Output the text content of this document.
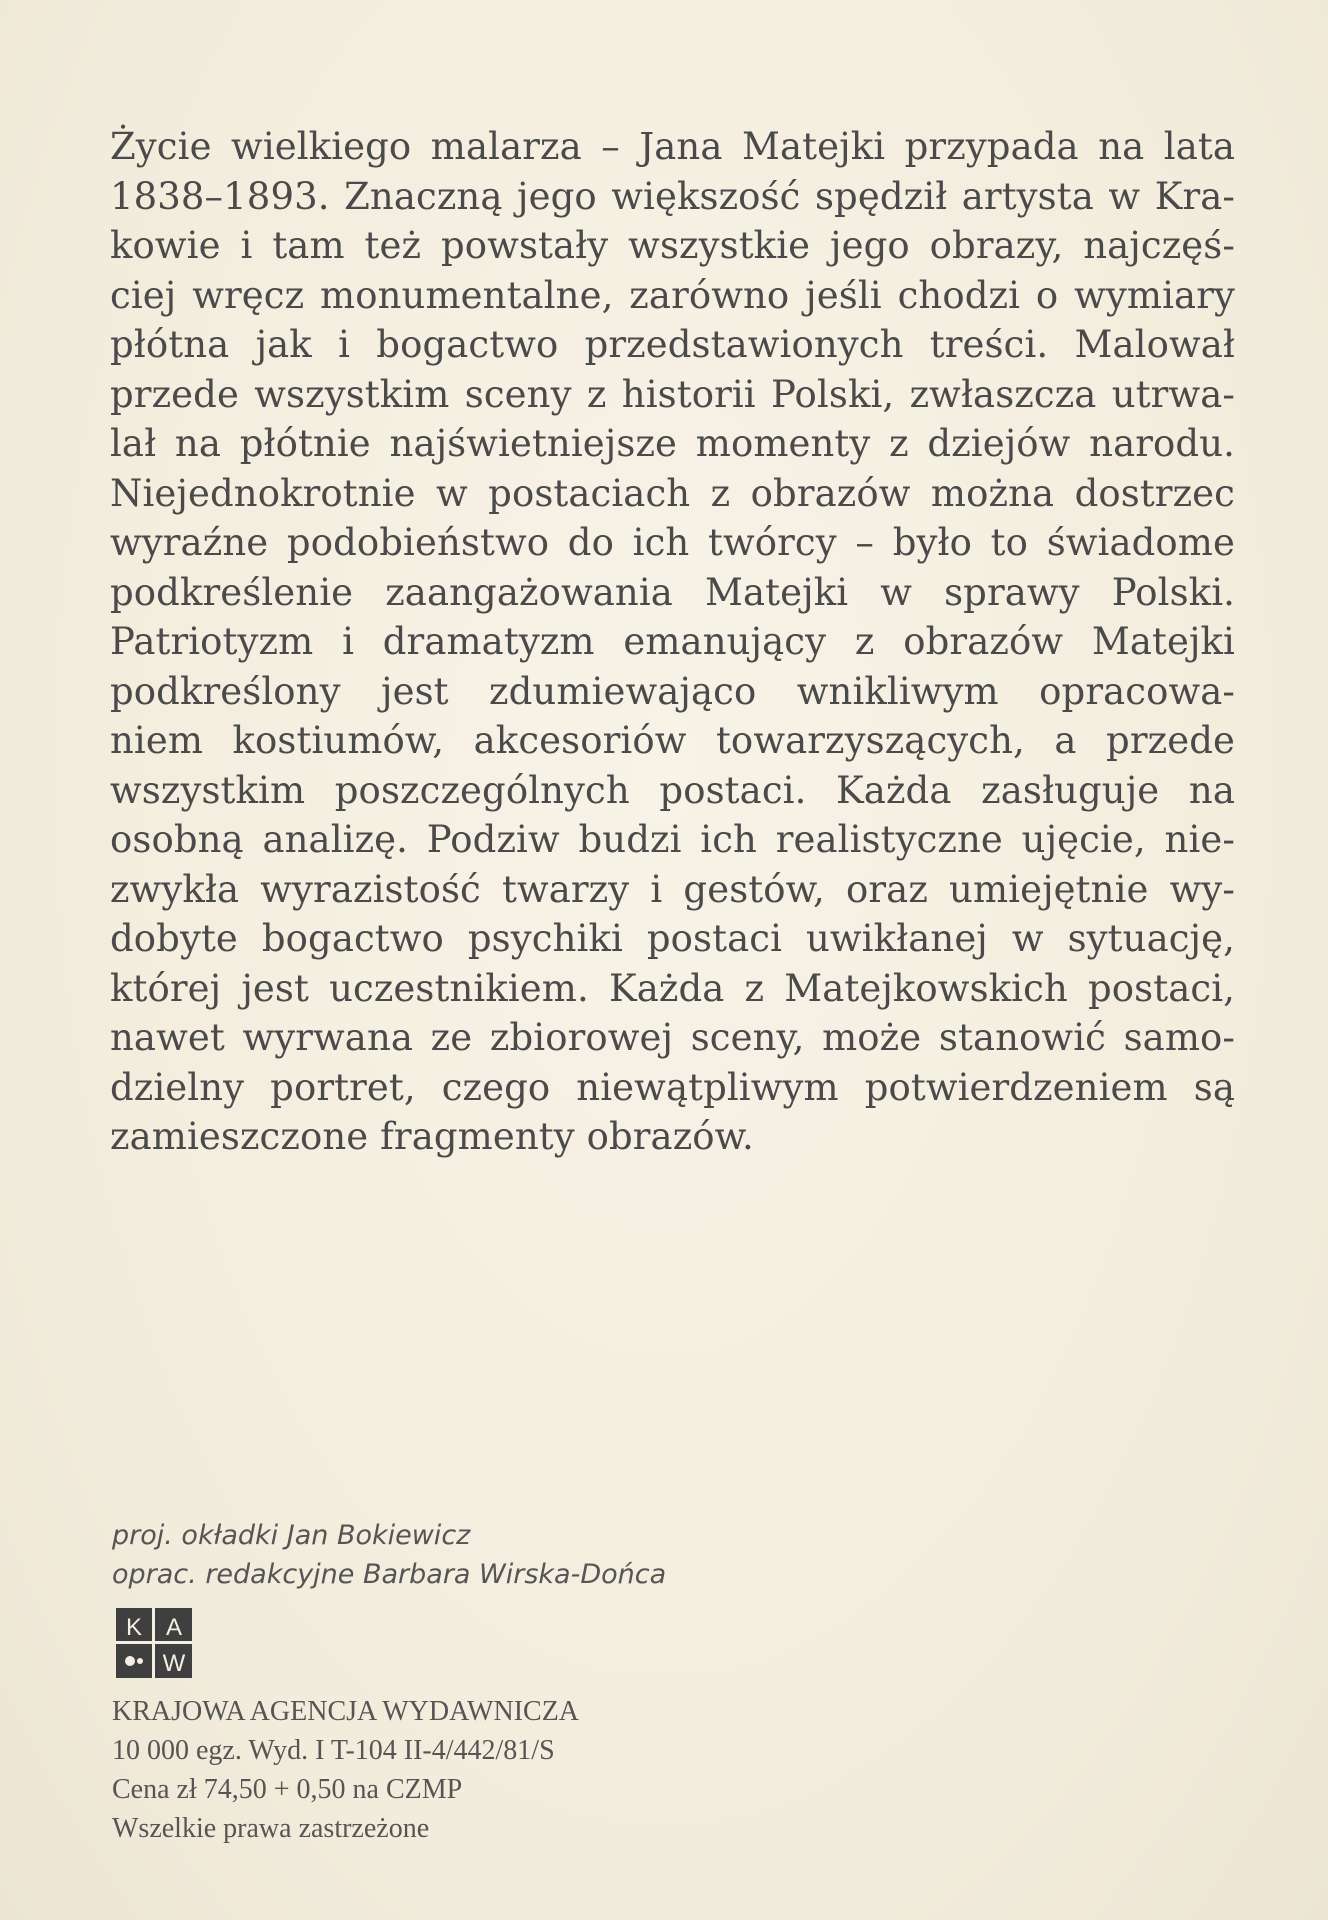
Życie wielkiego malarza – Jana Matejki przypada na lata
1838–1893. Znaczną jego większość spędził artysta w Kra-
kowie i tam też powstały wszystkie jego obrazy, najczęś-
ciej wręcz monumentalne, zarówno jeśli chodzi o wymiary
płótna jak i bogactwo przedstawionych treści. Malował
przede wszystkim sceny z historii Polski, zwłaszcza utrwa-
lał na płótnie najświetniejsze momenty z dziejów narodu.
Niejednokrotnie w postaciach z obrazów można dostrzec
wyraźne podobieństwo do ich twórcy – było to świadome
podkreślenie zaangażowania Matejki w sprawy Polski.
Patriotyzm i dramatyzm emanujący z obrazów Matejki
podkreślony jest zdumiewająco wnikliwym opracowa-
niem kostiumów, akcesoriów towarzyszących, a przede
wszystkim poszczególnych postaci. Każda zasługuje na
osobną analizę. Podziw budzi ich realistyczne ujęcie, nie-
zwykła wyrazistość twarzy i gestów, oraz umiejętnie wy-
dobyte bogactwo psychiki postaci uwikłanej w sytuację,
której jest uczestnikiem. Każda z Matejkowskich postaci,
nawet wyrwana ze zbiorowej sceny, może stanowić samo-
dzielny portret, czego niewątpliwym potwierdzeniem są
zamieszczone fragmenty obrazów.
proj. okładki Jan Bokiewicz
oprac. redakcyjne Barbara Wirska-Dońca
K A
W
KRAJOWA AGENCJA WYDAWNICZA
10 000 egz. Wyd. I T-104 II-4/442/81/S
Cena zł 74,50 + 0,50 na CZMP
Wszelkie prawa zastrzeżone
